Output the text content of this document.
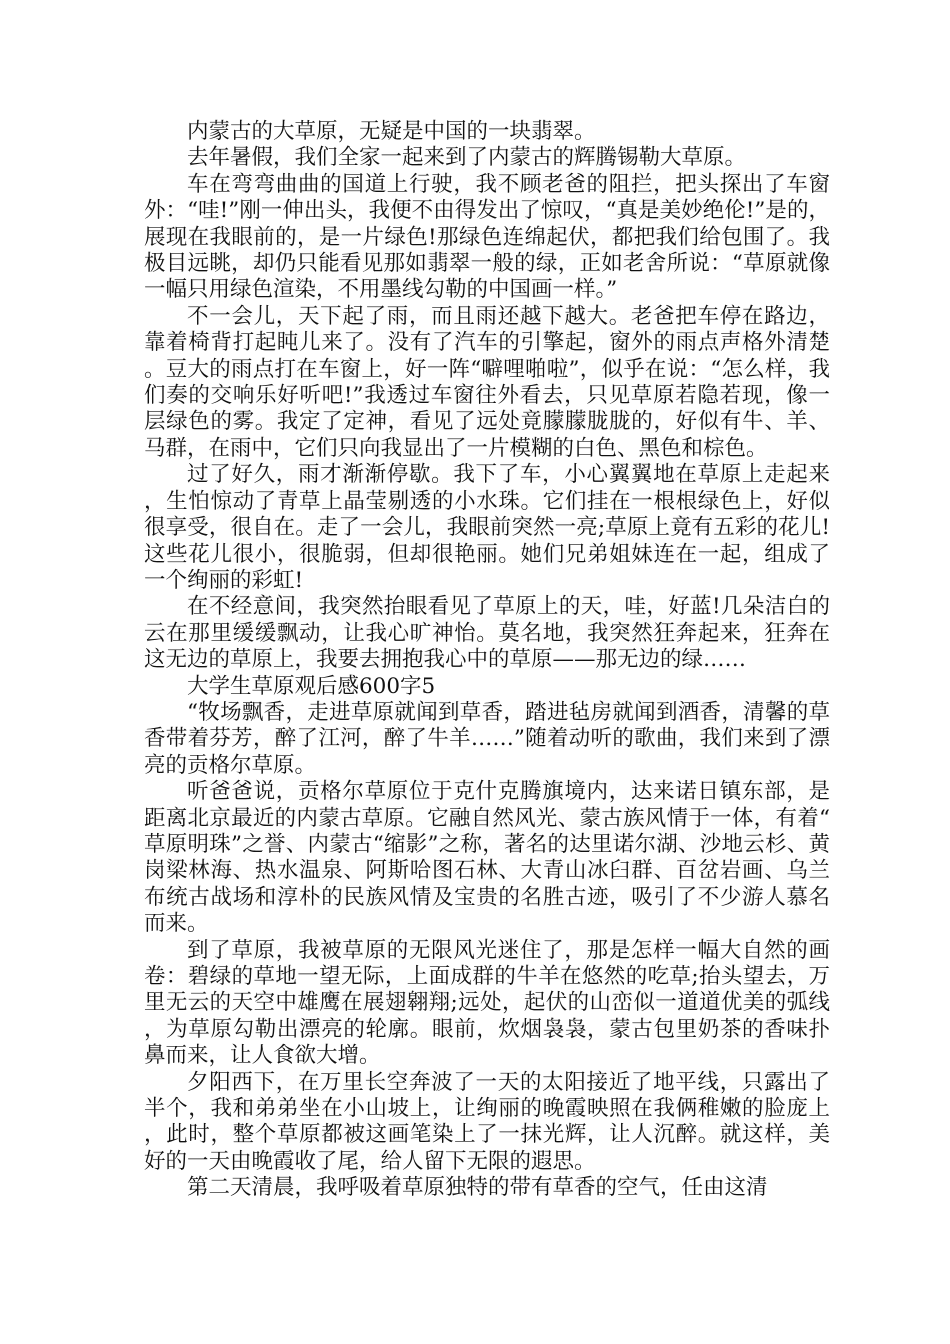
内蒙古的大草原，无疑是中国的一块翡翠。

去年暑假，我们全家一起来到了内蒙古的辉腾锡勒大草原。

车在弯弯曲曲的国道上行驶，我不顾老爸的阻拦，把头探出了车窗外：“哇!”刚一伸出头，我便不由得发出了惊叹，“真是美妙绝伦!”是的，展现在我眼前的，是一片绿色!那绿色连绵起伏，都把我们给包围了。我极目远眺，却仍只能看见那如翡翠一般的绿，正如老舍所说：“草原就像一幅只用绿色渲染，不用墨线勾勒的中国画一样。”

不一会儿，天下起了雨，而且雨还越下越大。老爸把车停在路边，靠着椅背打起盹儿来了。没有了汽车的引擎起，窗外的雨点声格外清楚。豆大的雨点打在车窗上，好一阵“噼哩啪啦”，似乎在说：“怎么样，我们奏的交响乐好听吧!”我透过车窗往外看去，只见草原若隐若现，像一层绿色的雾。我定了定神，看见了远处竟朦朦胧胧的，好似有牛、羊、马群，在雨中，它们只向我显出了一片模糊的白色、黑色和棕色。

过了好久，雨才渐渐停歇。我下了车，小心翼翼地在草原上走起来，生怕惊动了青草上晶莹剔透的小水珠。它们挂在一根根绿色上，好似很享受，很自在。走了一会儿，我眼前突然一亮;草原上竟有五彩的花儿!这些花儿很小，很脆弱，但却很艳丽。她们兄弟姐妹连在一起，组成了一个绚丽的彩虹!

在不经意间，我突然抬眼看见了草原上的天，哇，好蓝!几朵洁白的云在那里缓缓飘动，让我心旷神怡。莫名地，我突然狂奔起来，狂奔在这无边的草原上，我要去拥抱我心中的草原——那无边的绿……

大学生草原观后感600字5

“牧场飘香，走进草原就闻到草香，踏进毡房就闻到酒香，清馨的草香带着芬芳，醉了江河，醉了牛羊……”随着动听的歌曲，我们来到了漂亮的贡格尔草原。

听爸爸说，贡格尔草原位于克什克腾旗境内，达来诺日镇东部，是距离北京最近的内蒙古草原。它融自然风光、蒙古族风情于一体，有着“草原明珠”之誉、内蒙古“缩影”之称，著名的达里诺尔湖、沙地云杉、黄岗梁林海、热水温泉、阿斯哈图石林、大青山冰臼群、百岔岩画、乌兰布统古战场和淳朴的民族风情及宝贵的名胜古迹，吸引了不少游人慕名而来。

到了草原，我被草原的无限风光迷住了，那是怎样一幅大自然的画卷：碧绿的草地一望无际，上面成群的牛羊在悠然的吃草;抬头望去，万里无云的天空中雄鹰在展翅翱翔;远处，起伏的山峦似一道道优美的弧线，为草原勾勒出漂亮的轮廓。眼前，炊烟袅袅，蒙古包里奶茶的香味扑鼻而来，让人食欲大增。

夕阳西下，在万里长空奔波了一天的太阳接近了地平线，只露出了半个，我和弟弟坐在小山坡上，让绚丽的晚霞映照在我俩稚嫩的脸庞上，此时，整个草原都被这画笔染上了一抹光辉，让人沉醉。就这样，美好的一天由晚霞收了尾，给人留下无限的遐思。

第二天清晨，我呼吸着草原独特的带有草香的空气，任由这清
